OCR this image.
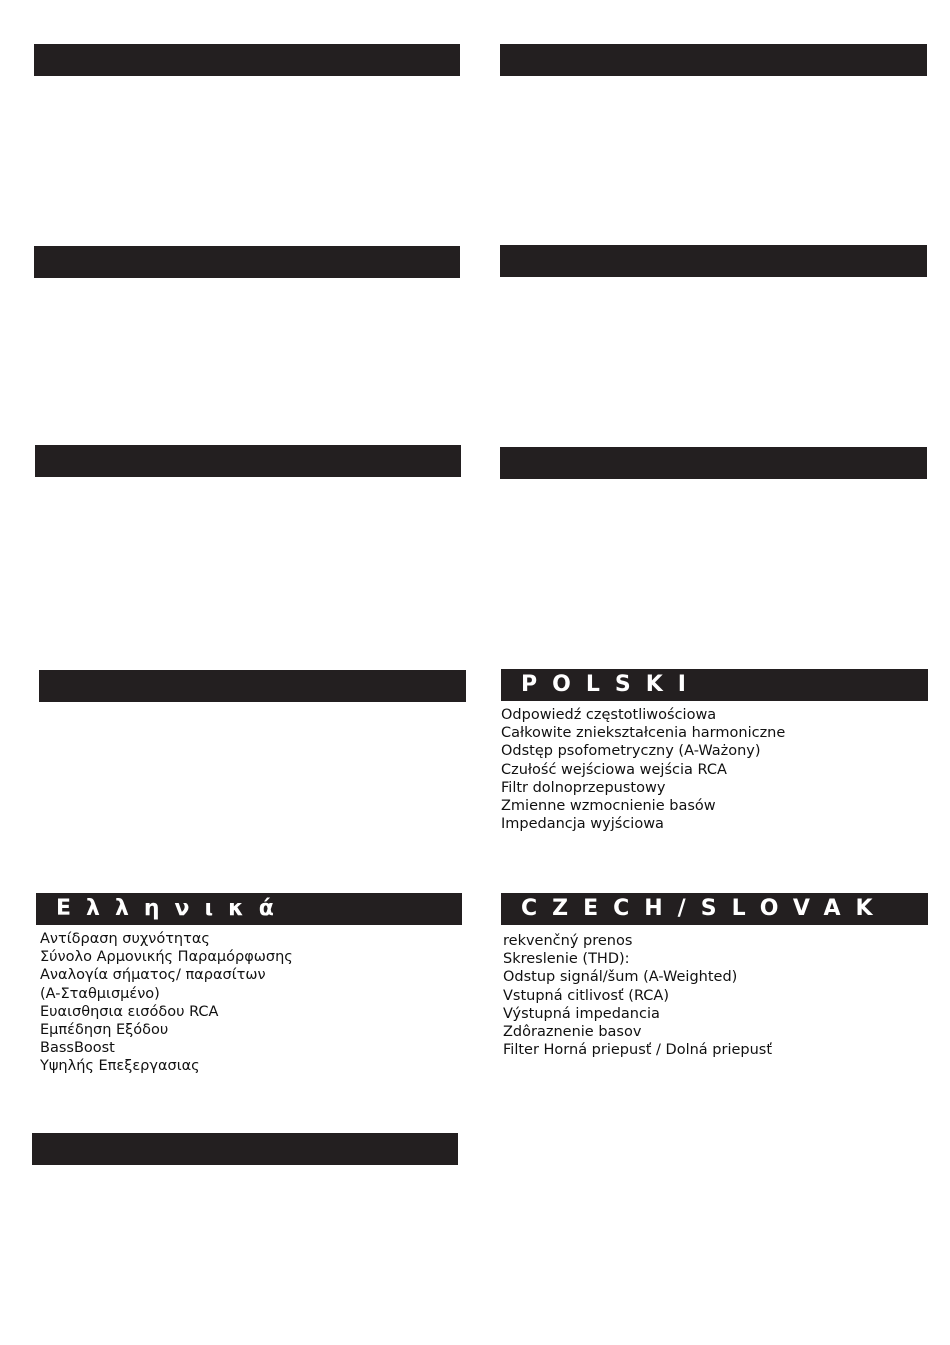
POLSKI
Odpowiedź częstotliwościowa
Całkowite zniekształcenia harmoniczne
Odstęp psofometryczny (A-Ważony)
Czułość wejściowa wejścia RCA
Filtr dolnoprzepustowy
Zmienne wzmocnienie basów
Impedancja wyjściowa
Ελληνικά
Αντίδραση συχνότητας
Σύνολο Αρμονικής Παραμόρφωσης
Αναλογία σήματος/ παρασίτων
(A-Σταθμισμένο)
Ευαισθησια εισόδου RCA
Εμπέδηση Εξόδου
BassBoost
Υψηλής Επεξεργασιας
CZECH/SLOVAK
rekvenčný prenos
Skreslenie (THD):
Odstup signál/šum (A-Weighted)
Vstupná citlivosť (RCA)
Výstupná impedancia
Zdôraznenie basov
Filter Horná priepusť / Dolná priepusť
